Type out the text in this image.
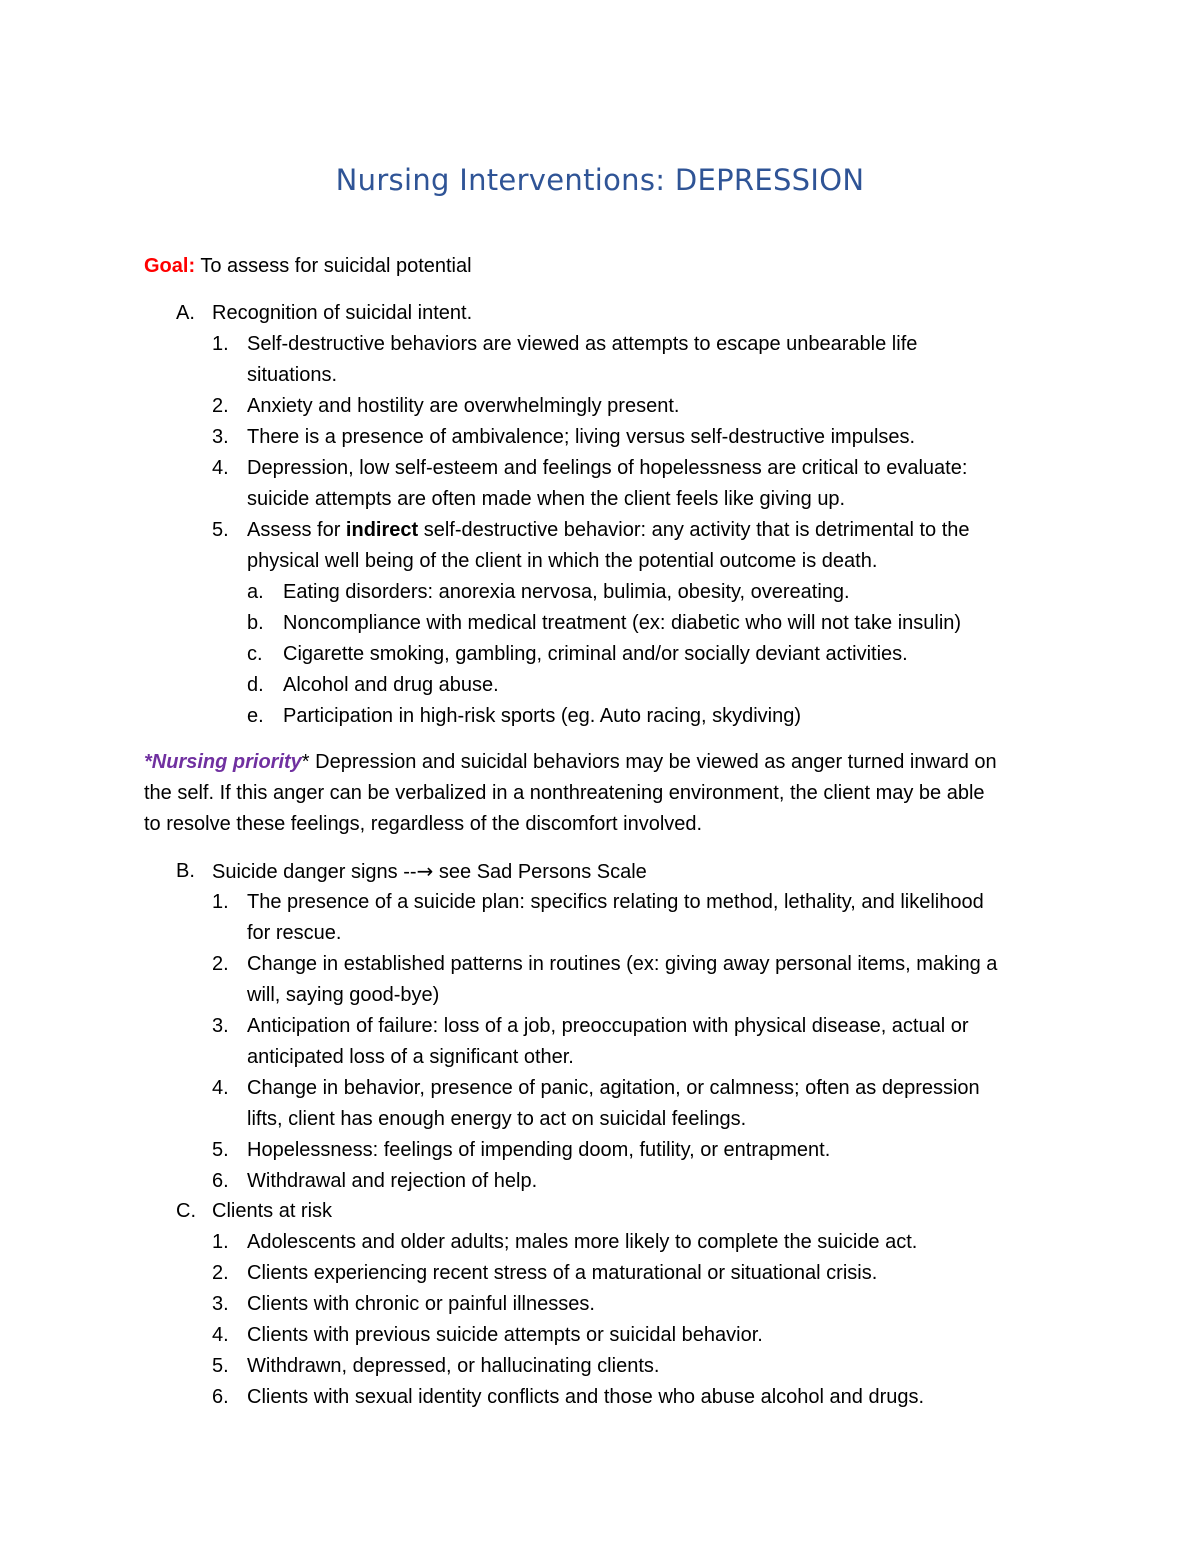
Nursing Interventions: DEPRESSION
Goal: To assess for suicidal potential
A. Recognition of suicidal intent.
1. Self-destructive behaviors are viewed as attempts to escape unbearable life
situations.
2. Anxiety and hostility are overwhelmingly present.
3. There is a presence of ambivalence; living versus self-destructive impulses.
4. Depression, low self-esteem and feelings of hopelessness are critical to evaluate:
suicide attempts are often made when the client feels like giving up.
5. Assess for indirect self-destructive behavior: any activity that is detrimental to the
physical well being of the client in which the potential outcome is death.
a. Eating disorders: anorexia nervosa, bulimia, obesity, overeating.
b. Noncompliance with medical treatment (ex: diabetic who will not take insulin)
c. Cigarette smoking, gambling, criminal and/or socially deviant activities.
d. Alcohol and drug abuse.
e. Participation in high-risk sports (eg. Auto racing, skydiving)
*Nursing priority* Depression and suicidal behaviors may be viewed as anger turned inward on
the self. If this anger can be verbalized in a nonthreatening environment, the client may be able
to resolve these feelings, regardless of the discomfort involved.
B. Suicide danger signs --→ see Sad Persons Scale
1. The presence of a suicide plan: specifics relating to method, lethality, and likelihood
for rescue.
2. Change in established patterns in routines (ex: giving away personal items, making a
will, saying good-bye)
3. Anticipation of failure: loss of a job, preoccupation with physical disease, actual or
anticipated loss of a significant other.
4. Change in behavior, presence of panic, agitation, or calmness; often as depression
lifts, client has enough energy to act on suicidal feelings.
5. Hopelessness: feelings of impending doom, futility, or entrapment.
6. Withdrawal and rejection of help.
C. Clients at risk
1. Adolescents and older adults; males more likely to complete the suicide act.
2. Clients experiencing recent stress of a maturational or situational crisis.
3. Clients with chronic or painful illnesses.
4. Clients with previous suicide attempts or suicidal behavior.
5. Withdrawn, depressed, or hallucinating clients.
6. Clients with sexual identity conflicts and those who abuse alcohol and drugs.
